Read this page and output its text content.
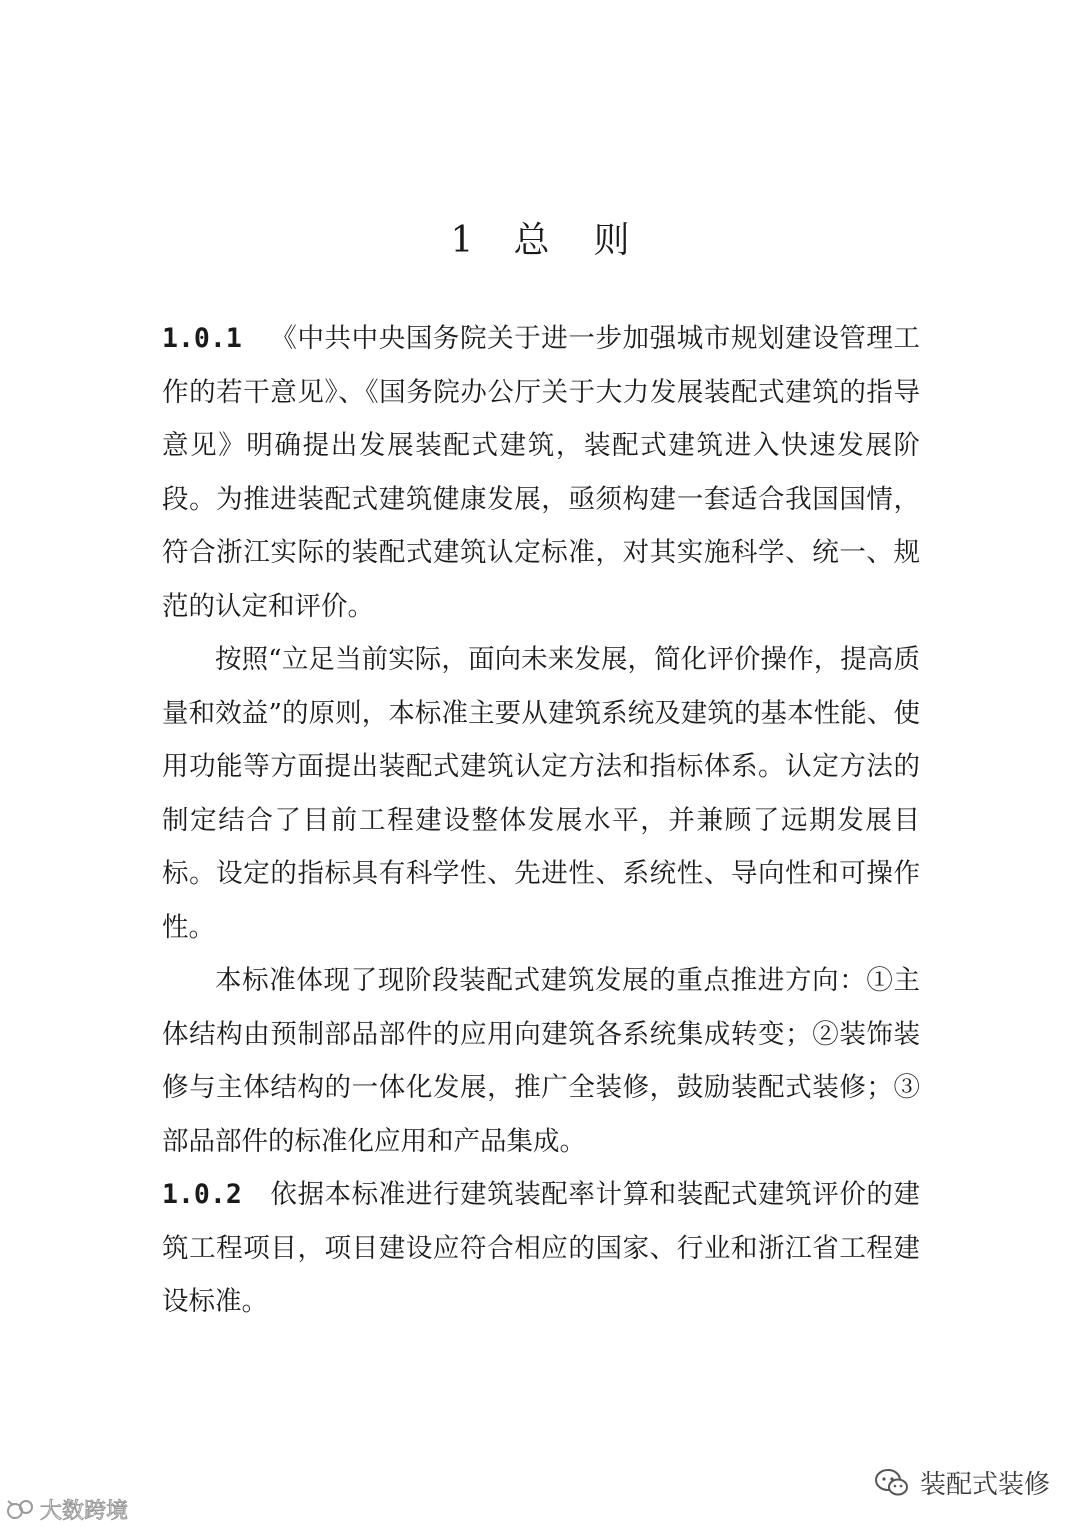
1 总 则

1.0.1 《中共中央国务院关于进一步加强城市规划建设管理工作的若干意见》、《国务院办公厅关于大力发展装配式建筑的指导意见》明确提出发展装配式建筑，装配式建筑进入快速发展阶段。为推进装配式建筑健康发展，亟须构建一套适合我国国情，符合浙江实际的装配式建筑认定标准，对其实施科学、统一、规范的认定和评价。

按照“立足当前实际，面向未来发展，简化评价操作，提高质量和效益”的原则，本标准主要从建筑系统及建筑的基本性能、使用功能等方面提出装配式建筑认定方法和指标体系。认定方法的制定结合了目前工程建设整体发展水平，并兼顾了远期发展目标。设定的指标具有科学性、先进性、系统性、导向性和可操作性。

本标准体现了现阶段装配式建筑发展的重点推进方向：①主体结构由预制部品部件的应用向建筑各系统集成转变；②装饰装修与主体结构的一体化发展，推广全装修，鼓励装配式装修；③部品部件的标准化应用和产品集成。

1.0.2 依据本标准进行建筑装配率计算和装配式建筑评价的建筑工程项目，项目建设应符合相应的国家、行业和浙江省工程建设标准。

大数跨境
装配式装修
